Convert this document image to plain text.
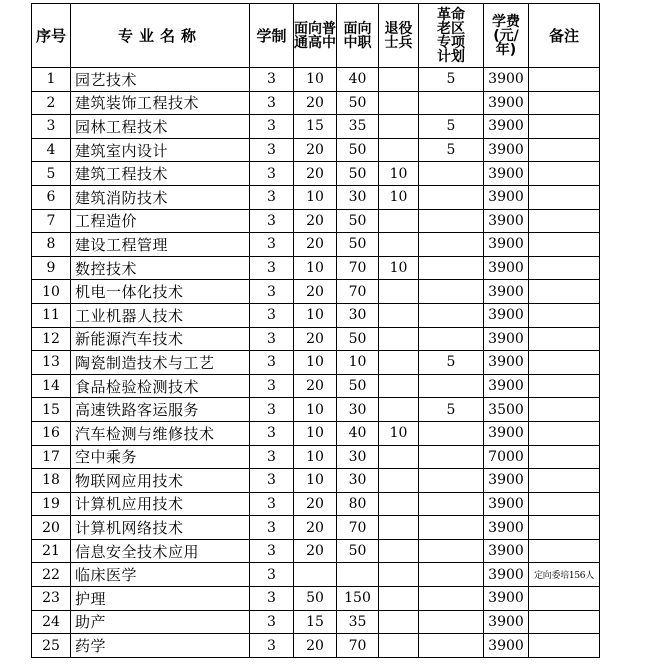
序号	专业名称	学制	面向普通高中	面向中职	退役士兵	革命老区专项计划	学费(元/年)	备注
1	园艺技术	3	10	40		5	3900	
2	建筑装饰工程技术	3	20	50			3900	
3	园林工程技术	3	15	35		5	3900	
4	建筑室内设计	3	20	50		5	3900	
5	建筑工程技术	3	20	50	10		3900	
6	建筑消防技术	3	10	30	10		3900	
7	工程造价	3	20	50			3900	
8	建设工程管理	3	20	50			3900	
9	数控技术	3	10	70	10		3900	
10	机电一体化技术	3	20	70			3900	
11	工业机器人技术	3	10	30			3900	
12	新能源汽车技术	3	20	50			3900	
13	陶瓷制造技术与工艺	3	10	10		5	3900	
14	食品检验检测技术	3	20	50			3900	
15	高速铁路客运服务	3	10	30		5	3500	
16	汽车检测与维修技术	3	10	40	10		3900	
17	空中乘务	3	10	30			7000	
18	物联网应用技术	3	10	30			3900	
19	计算机应用技术	3	20	80			3900	
20	计算机网络技术	3	20	70			3900	
21	信息安全技术应用	3	20	50			3900	
22	临床医学	3					3900	定向委培156人
23	护理	3	50	150			3900	
24	助产	3	15	35			3900	
25	药学	3	20	70			3900	
